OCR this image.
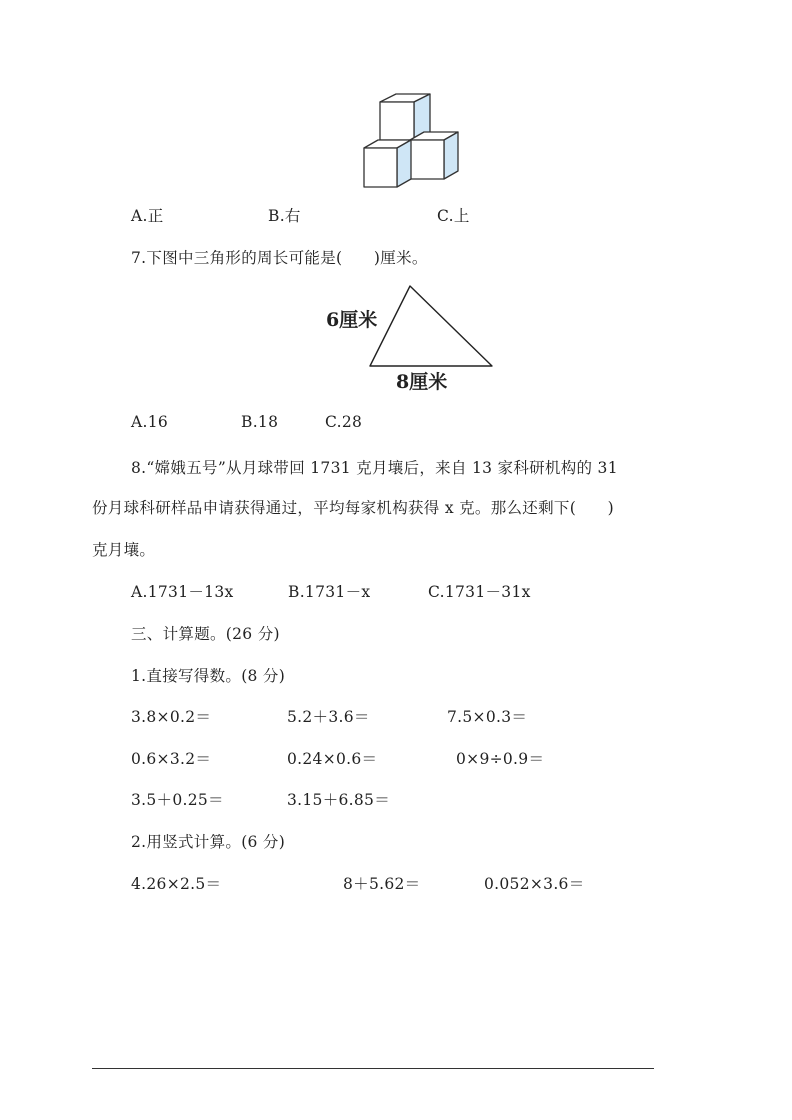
A.正	B.右	C.上
7.下图中三角形的周长可能是(　　)厘米。
6厘米
8厘米
A.16	B.18	C.28
8.“嫦娥五号”从月球带回 1731 克月壤后，来自 13 家科研机构的 31
份月球科研样品申请获得通过，平均每家机构获得 x 克。那么还剩下(　　)
克月壤。
A.1731－13x	B.1731－x	C.1731－31x
三、计算题。(26 分)
1.直接写得数。(8 分)
3.8×0.2＝	5.2＋3.6＝	7.5×0.3＝
0.6×3.2＝	0.24×0.6＝	0×9÷0.9＝
3.5＋0.25＝	3.15＋6.85＝
2.用竖式计算。(6 分)
4.26×2.5＝	8＋5.62＝	0.052×3.6＝
